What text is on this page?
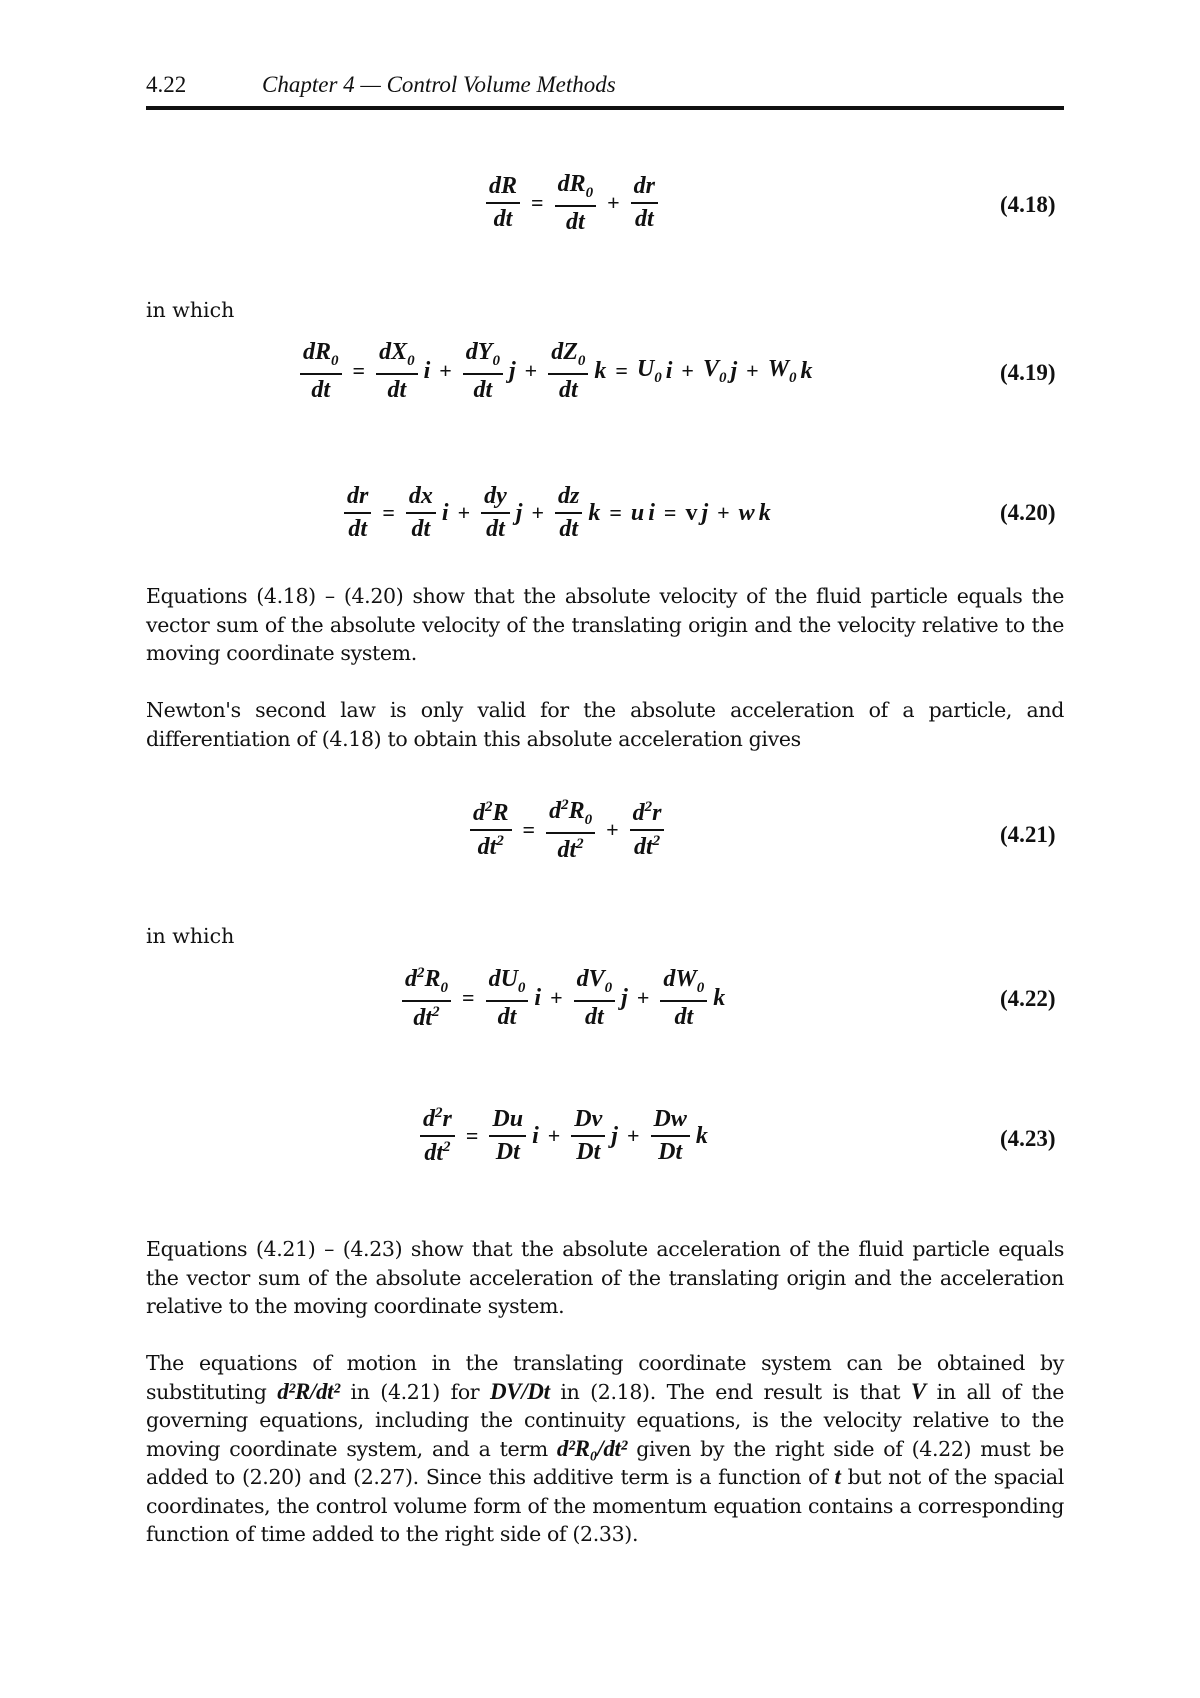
4.22	Chapter 4 — Control Volume Methods
$\frac{dR}{dt} = \frac{dR_0}{dt} + \frac{dr}{dt}$	(4.18)
in which
$\frac{dR_0}{dt} = \frac{dX_0}{dt}$ $i + \frac{dY_0}{dt}$ $j + \frac{dZ_0}{dt}$ $k = U_0$ $i + V_0$ $j + W_0$ k	(4.19)
$\frac{dr}{dt} = \frac{dx}{dt}$ $i + \frac{dy}{dt}$ $j + \frac{dz}{dt}$ k = u i = v j + w k	(4.20)
Equations (4.18) – (4.20) show that the absolute velocity of the fluid particle equals the vector sum of the absolute velocity of the translating origin and the velocity relative to the moving coordinate system.
Newton's second law is only valid for the absolute acceleration of a particle, and differentiation of (4.18) to obtain this absolute acceleration gives
$\frac{d^2R}{dt^2} = \frac{d^2R_0}{dt^2} + \frac{d^2r}{dt^2}$	(4.21)
in which
$\frac{d^2R_0}{dt^2} = \frac{dU_0}{dt}$ $i + \frac{dV_0}{dt}$ $j + \frac{dW_0}{dt}$ k	(4.22)
$\frac{d^2r}{dt^2} = \frac{Du}{Dt}$ $i + \frac{Dv}{Dt}$ $j + \frac{Dw}{Dt}$ k	(4.23)
Equations (4.21) – (4.23) show that the absolute acceleration of the fluid particle equals the vector sum of the absolute acceleration of the translating origin and the acceleration relative to the moving coordinate system.
The equations of motion in the translating coordinate system can be obtained by substituting d²R/dt² in (4.21) for DV/Dt in (2.18). The end result is that V in all of the governing equations, including the continuity equations, is the velocity relative to the moving coordinate system, and a term d²R₀/dt² given by the right side of (4.22) must be added to (2.20) and (2.27). Since this additive term is a function of t but not of the spacial coordinates, the control volume form of the momentum equation contains a corresponding function of time added to the right side of (2.33).
